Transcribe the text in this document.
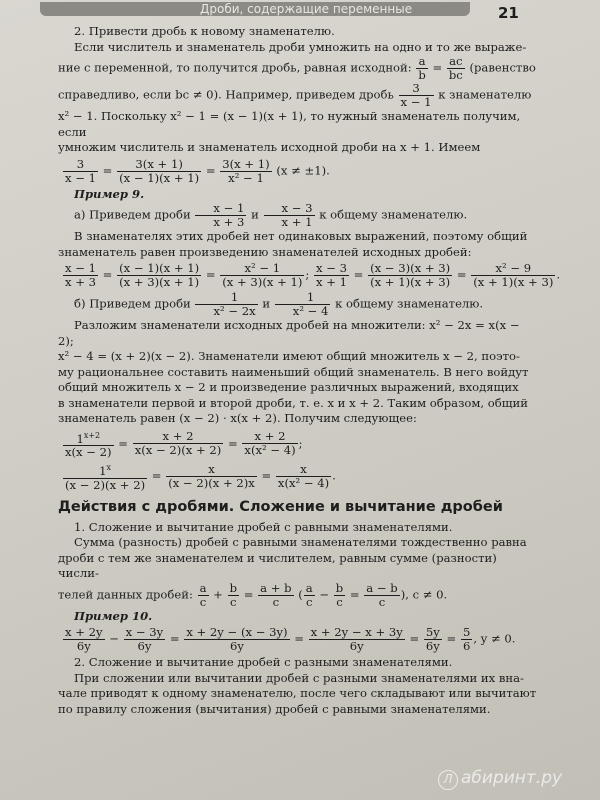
Дроби, содержащие переменные	21

2. Привести дробь к новому знаменателю.

Если числитель и знаменатель дроби умножить на одно и то же выраже-

ние с переменной, то получится дробь, равная исходной: $\frac{a}{b} = \frac{ac}{bc}$ (равенство

справедливо, если bc ≠ 0). Например, приведем дробь $\frac{3}{x - 1}$ к знаменателю

x² − 1. Поскольку x² − 1 = (x − 1)(x + 1), то нужный знаменатель получим, если

умножим числитель и знаменатель исходной дроби на x + 1. Имеем

$\frac{3}{x - 1} = \frac{3(x + 1)}{(x - 1)(x + 1)} = \frac{3(x + 1)}{\text{x² − 1}} (x \ne \pm 1)$.

Пример 9.

а) Приведем дроби $\frac{x - 1}{x + 3}$ и $\frac{x - 3}{x + 1}$ к общему знаменателю.

В знаменателях этих дробей нет одинаковых выражений, поэтому общий

знаменатель равен произведению знаменателей исходных дробей:

$\frac{x - 1}{x + 3} = \frac{(x - 1)(x + 1)}{(x + 3)(x + 1)} = \frac{\text{x² − 1}}{(x + 3)(x + 1)}$ ; $\frac{x - 3}{x + 1} = \frac{(x - 3)(x + 3)}{(x + 1)(x + 3)} = \frac{\text{x² − 9}}{(x + 1)(x + 3)}$ .

б) Приведем дроби $\frac{1}{\text{x² − 2x}}$ и $\frac{1}{\text{x² − 4}}$ к общему знаменателю.

Разложим знаменатели исходных дробей на множители: x² − 2x = x(x − 2);

x² − 4 = (x + 2)(x − 2). Знаменатели имеют общий множитель x − 2, поэто-

му рациональнее составить наименьший общий знаменатель. В него войдут

общий множитель x − 2 и произведение различных выражений, входящих

в знаменатели первой и второй дроби, т. е. x и x + 2. Таким образом, общий

знаменатель равен (x − 2) · x(x + 2). Получим следующее:

$\frac{1^{x+2}}{x(x - 2)} = \frac{x + 2}{x(x - 2)(x + 2)} = \frac{x + 2}{\text{x(x² − 4)}}$ ;

$\frac{1^x}{(x - 2)(x + 2)} = \frac{x}{(x - 2)(x + 2)x} = \frac{x}{\text{x(x² − 4)}}$ .

Действия с дробями. Сложение и вычитание дробей

1. Сложение и вычитание дробей с равными знаменателями.

Сумма (разность) дробей с равными знаменателями тождественно равна

дроби с тем же знаменателем и числителем, равным сумме (разности) числи-

телей данных дробей: $\frac{a}{c} + \frac{b}{c} = \frac{a + b}{c}$ ( $\frac{a}{c} - \frac{b}{c} = \frac{a - b}{c}$ ), c ≠ 0.

Пример 10.

$\frac{x + 2y}{6y} - \frac{x - 3y}{6y} = \frac{x + 2y - (x - 3y)}{6y} = \frac{x + 2y - x + 3y}{6y} = \frac{5y}{6y} = \frac{5}{6}$ , y ≠ 0.

2. Сложение и вычитание дробей с разными знаменателями.

При сложении или вычитании дробей с разными знаменателями их вна-

чале приводят к одному знаменателю, после чего складывают или вычитают

по правилу сложения (вычитания) дробей с равными знаменателями.

Л абиринт.ру
